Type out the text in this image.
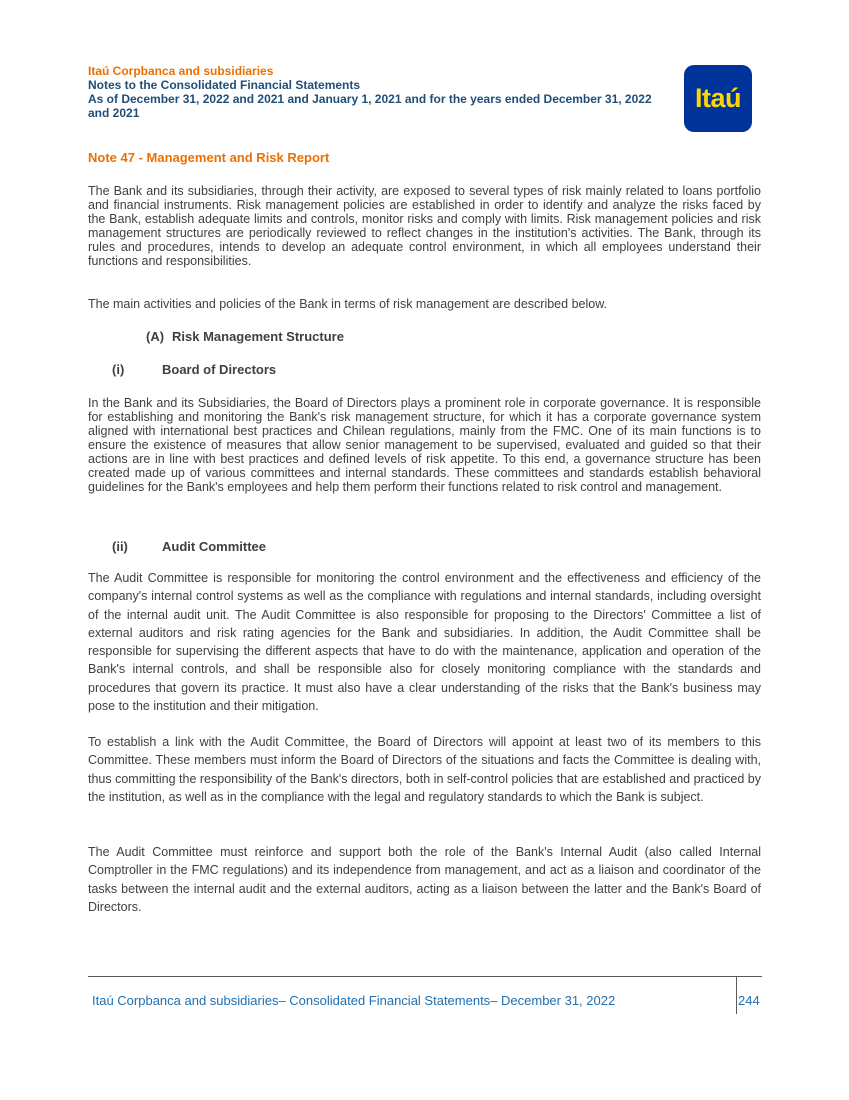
Itaú Corpbanca and subsidiaries
Notes to the Consolidated Financial Statements
As of December 31, 2022 and 2021 and January 1, 2021 and for the years ended December 31, 2022
and 2021	Itaú
Note 47 - Management and Risk Report

The Bank and its subsidiaries, through their activity, are exposed to several types of risk mainly related to loans portfolio and financial instruments. Risk management policies are established in order to identify and analyze the risks faced by the Bank, establish adequate limits and controls, monitor risks and comply with limits. Risk management policies and risk management structures are periodically reviewed to reflect changes in the institution's activities. The Bank, through its rules and procedures, intends to develop an adequate control environment, in which all employees understand their functions and responsibilities.

The main activities and policies of the Bank in terms of risk management are described below.

(A) Risk Management Structure
(i)	Board of Directors

In the Bank and its Subsidiaries, the Board of Directors plays a prominent role in corporate governance. It is responsible for establishing and monitoring the Bank's risk management structure, for which it has a corporate governance system aligned with international best practices and Chilean regulations, mainly from the FMC. One of its main functions is to ensure the existence of measures that allow senior management to be supervised, evaluated and guided so that their actions are in line with best practices and defined levels of risk appetite. To this end, a governance structure has been created made up of various committees and internal standards. These committees and standards establish behavioral guidelines for the Bank's employees and help them perform their functions related to risk control and management.

(ii)	Audit Committee

The Audit Committee is responsible for monitoring the control environment and the effectiveness and efficiency of the company's internal control systems as well as the compliance with regulations and internal standards, including oversight of the internal audit unit. The Audit Committee is also responsible for proposing to the Directors' Committee a list of external auditors and risk rating agencies for the Bank and subsidiaries. In addition, the Audit Committee shall be responsible for supervising the different aspects that have to do with the maintenance, application and operation of the Bank's internal controls, and shall be responsible also for closely monitoring compliance with the standards and procedures that govern its practice. It must also have a clear understanding of the risks that the Bank's business may pose to the institution and their mitigation.

To establish a link with the Audit Committee, the Board of Directors will appoint at least two of its members to this Committee. These members must inform the Board of Directors of the situations and facts the Committee is dealing with, thus committing the responsibility of the Bank's directors, both in self-control policies that are established and practiced by the institution, as well as in the compliance with the legal and regulatory standards to which the Bank is subject.

The Audit Committee must reinforce and support both the role of the Bank's Internal Audit (also called Internal Comptroller in the FMC regulations) and its independence from management, and act as a liaison and coordinator of the tasks between the internal audit and the external auditors, acting as a liaison between the latter and the Bank's Board of Directors.

Itaú Corpbanca and subsidiaries– Consolidated Financial Statements– December 31, 2022	244
